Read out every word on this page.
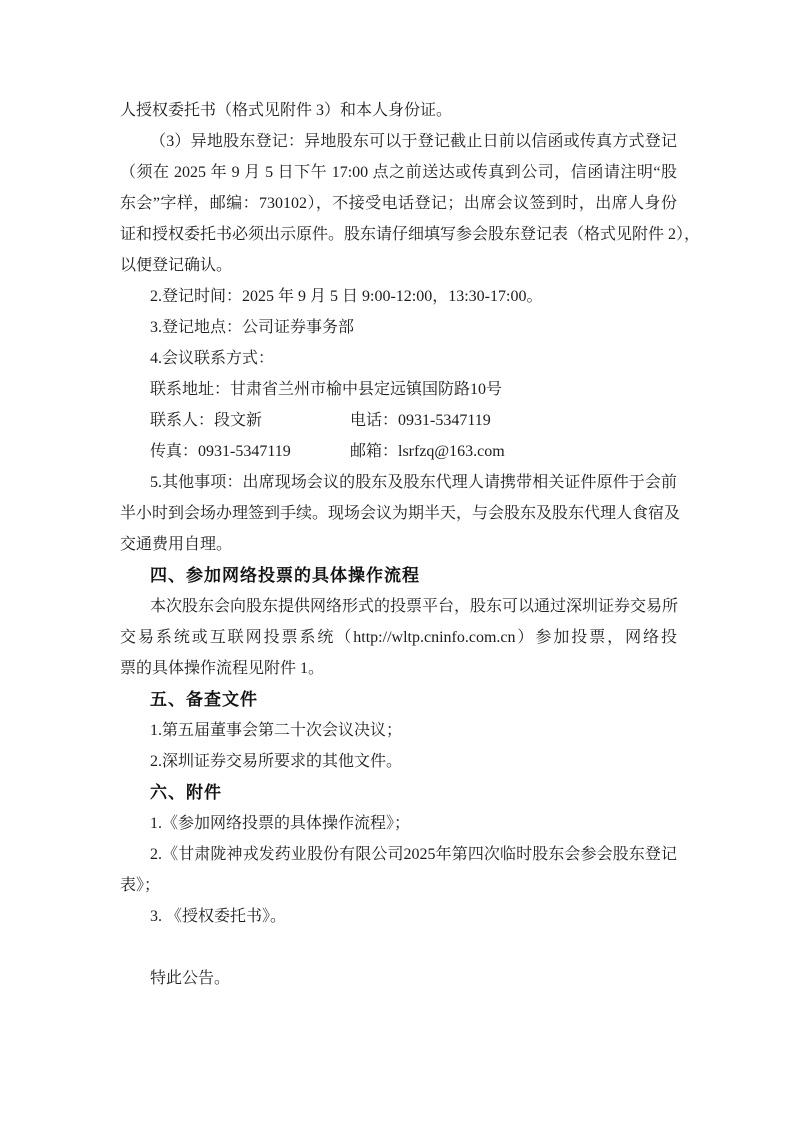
人授权委托书（格式见附件 3）和本人身份证。
（3）异地股东登记：异地股东可以于登记截止日前以信函或传真方式登记
（须在 2025 年 9 月 5 日下午 17:00 点之前送达或传真到公司，信函请注明“股
东会”字样，邮编：730102），不接受电话登记；出席会议签到时，出席人身份
证和授权委托书必须出示原件。股东请仔细填写参会股东登记表（格式见附件 2），
以便登记确认。
2.登记时间：2025 年 9 月 5 日 9:00-12:00，13:30-17:00。
3.登记地点：公司证券事务部
4.会议联系方式：
联系地址：甘肃省兰州市榆中县定远镇国防路10号
联系人：段文新	电话：0931-5347119
传真：0931-5347119	邮箱：lsrfzq@163.com
5.其他事项：出席现场会议的股东及股东代理人请携带相关证件原件于会前
半小时到会场办理签到手续。现场会议为期半天，与会股东及股东代理人食宿及
交通费用自理。
四、参加网络投票的具体操作流程
本次股东会向股东提供网络形式的投票平台，股东可以通过深圳证券交易所
交易系统或互联网投票系统（http://wltp.cninfo.com.cn）参加投票，网络投
票的具体操作流程见附件 1。
五、备查文件
1.第五届董事会第二十次会议决议；
2.深圳证券交易所要求的其他文件。
六、附件
1.《参加网络投票的具体操作流程》；
2.《甘肃陇神戎发药业股份有限公司2025年第四次临时股东会参会股东登记
表》；
3. 《授权委托书》。
特此公告。
